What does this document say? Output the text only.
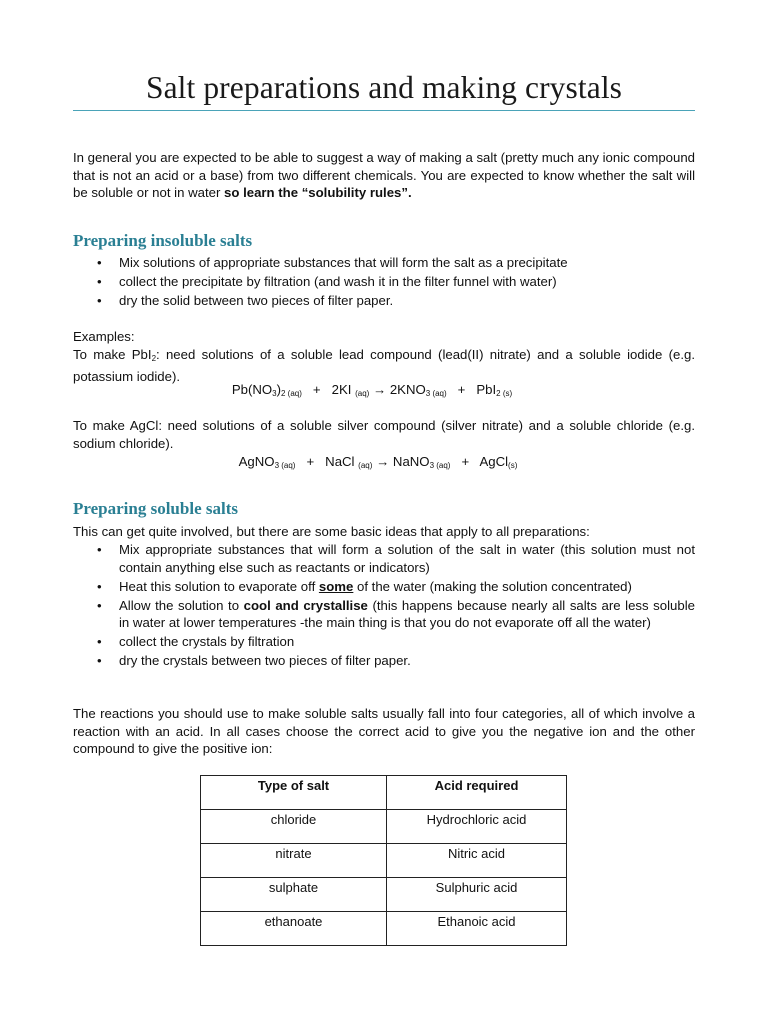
Salt preparations and making crystals

In general you are expected to be able to suggest a way of making a salt (pretty much any ionic compound that is not an acid or a base) from two different chemicals. You are expected to know whether the salt will be soluble or not in water so learn the “solubility rules”.

Preparing insoluble salts
• Mix solutions of appropriate substances that will form the salt as a precipitate
• collect the precipitate by filtration (and wash it in the filter funnel with water)
• dry the solid between two pieces of filter paper.

Examples:

To make PbI$_2$: need solutions of a soluble lead compound (lead(II) nitrate) and a soluble iodide (e.g. potassium iodide).

$Pb(NO_3)_{2 (aq)} + 2KI$ $_{(aq)} \to 2KNO_{3 (aq)} + PbI_{2 (s)}$

To make AgCl: need solutions of a soluble silver compound (silver nitrate) and a soluble chloride (e.g. sodium chloride).

AgNO$_{3 (aq)}$ + NaCl $_{(aq)}$ → NaNO$_{3 (aq)}$ + AgCl$_{(s)}$
Preparing soluble salts

This can get quite involved, but there are some basic ideas that apply to all preparations:

• Mix appropriate substances that will form a solution of the salt in water (this solution must not contain anything else such as reactants or indicators)
• Heat this solution to evaporate off some of the water (making the solution concentrated)
• Allow the solution to cool and crystallise (this happens because nearly all salts are less soluble in water at lower temperatures -the main thing is that you do not evaporate off all the water)
• collect the crystals by filtration
• dry the crystals between two pieces of filter paper.

The reactions you should use to make soluble salts usually fall into four categories, all of which involve a reaction with an acid. In all cases choose the correct acid to give you the negative ion and the other compound to give the positive ion:

Type of salt	Acid required
chloride	Hydrochloric acid
nitrate	Nitric acid
sulphate	Sulphuric acid
ethanoate	Ethanoic acid
